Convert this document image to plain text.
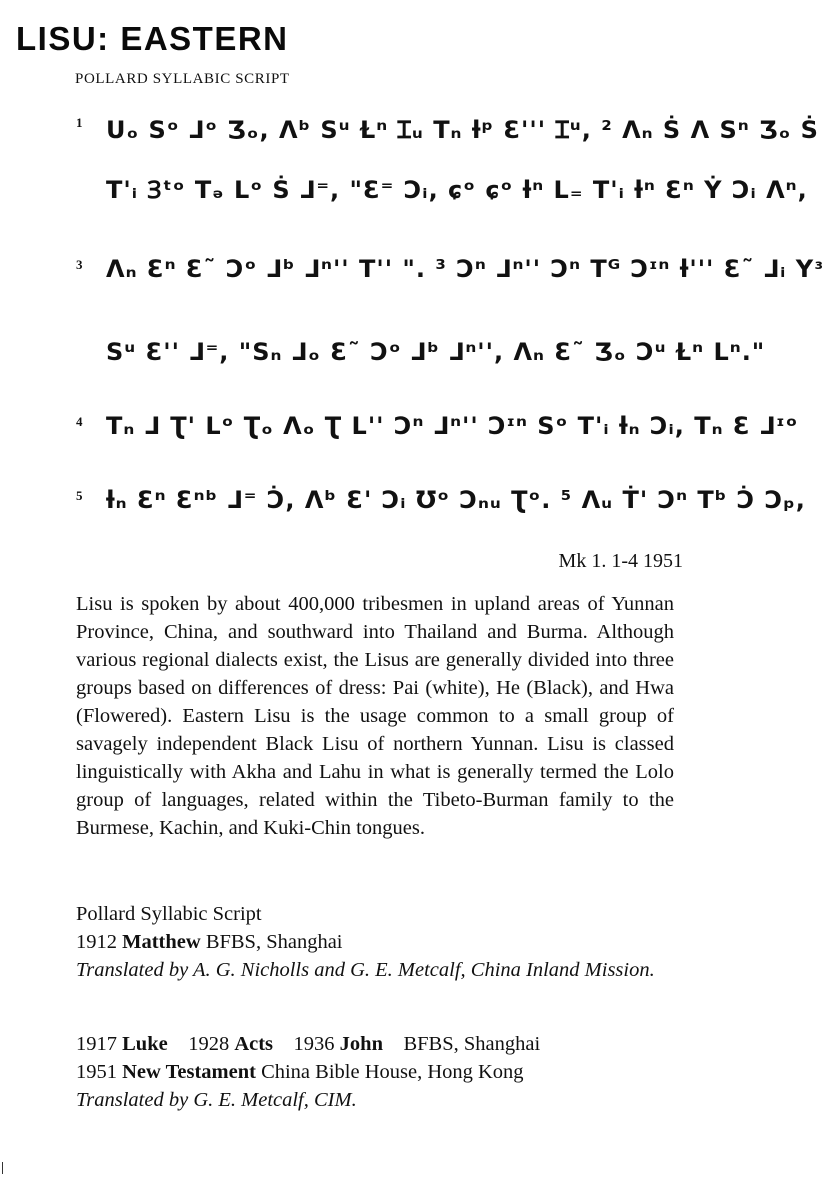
LISU: EASTERN
POLLARD SYLLABIC SCRIPT
1 ᑌₒ Sᵒ ⅃ᵒ Ʒₒ, ᐱᵇ Sᵘ Ɫⁿ Ɪᵤ Tₙ ƚᵖ Ɛ''' Ɪᵘ, ² ᐱₙ Ṡ ᐱ Sⁿ Ʒₒ Ṡ
T'ᵢ Ɜᵗᵒ Tₔ Lᵒ Ṡ ⅃⁼, "Ɛ⁼ Ɔᵢ, ɕᵒ ɕᵒ ƚⁿ L₌ T'ᵢ ƚⁿ Ɛⁿ Ẏ Ɔᵢ ᐱⁿ,
3 ᐱₙ Ɛⁿ Ɛ˜ Ɔᵒ ⅃ᵇ ⅃ⁿ'' T'' ". ³ Ɔⁿ ⅃ⁿ'' Ɔⁿ Tᴳ Ɔᶦⁿ ƚ''' Ɛ˜ ⅃ᵢ Yᶟ
Sᵘ Ɛ'' ⅃⁼, "Sₙ ⅃ₒ Ɛ˜ Ɔᵒ ⅃ᵇ ⅃ⁿ'', ᐱₙ Ɛ˜ Ʒₒ Ɔᵘ Ɫⁿ Lⁿ."
4 Tₙ ⅃ Ʈ' Lᵒ Ʈₒ ᐱₒ Ʈ L'' Ɔⁿ ⅃ⁿ'' Ɔᶦⁿ Sᵒ T'ᵢ ƚₙ Ɔᵢ, Tₙ Ɛ ⅃ᶦᵒ
5 ƚₙ Ɛⁿ Ɛⁿᵇ ⅃⁼ Ɔ̇, ᐱᵇ Ɛ' Ɔᵢ Ʊᵒ Ɔₙᵤ Ʈᵒ. ⁵ ᐱᵤ Ṫ' Ɔⁿ Tᵇ Ɔ̇ Ɔₚ,
Mk 1. 1-4 1951

Lisu is spoken by about 400,000 tribesmen in upland areas of Yunnan Province, China, and southward into Thailand and Burma. Although various regional dialects exist, the Lisus are generally divided into three groups based on differences of dress: Pai (white), He (Black), and Hwa (Flowered). Eastern Lisu is the usage common to a small group of savagely independent Black Lisu of northern Yunnan. Lisu is classed linguistically with Akha and Lahu in what is generally termed the Lolo group of languages, related within the Tibeto-Burman family to the Burmese, Kachin, and Kuki-Chin tongues.

Pollard Syllabic Script
1912 Matthew BFBS, Shanghai
Translated by A. G. Nicholls and G. E. Metcalf, China Inland Mission.

1917 Luke 1928 Acts 1936 John BFBS, Shanghai
1951 New Testament China Bible House, Hong Kong
Translated by G. E. Metcalf, CIM.
